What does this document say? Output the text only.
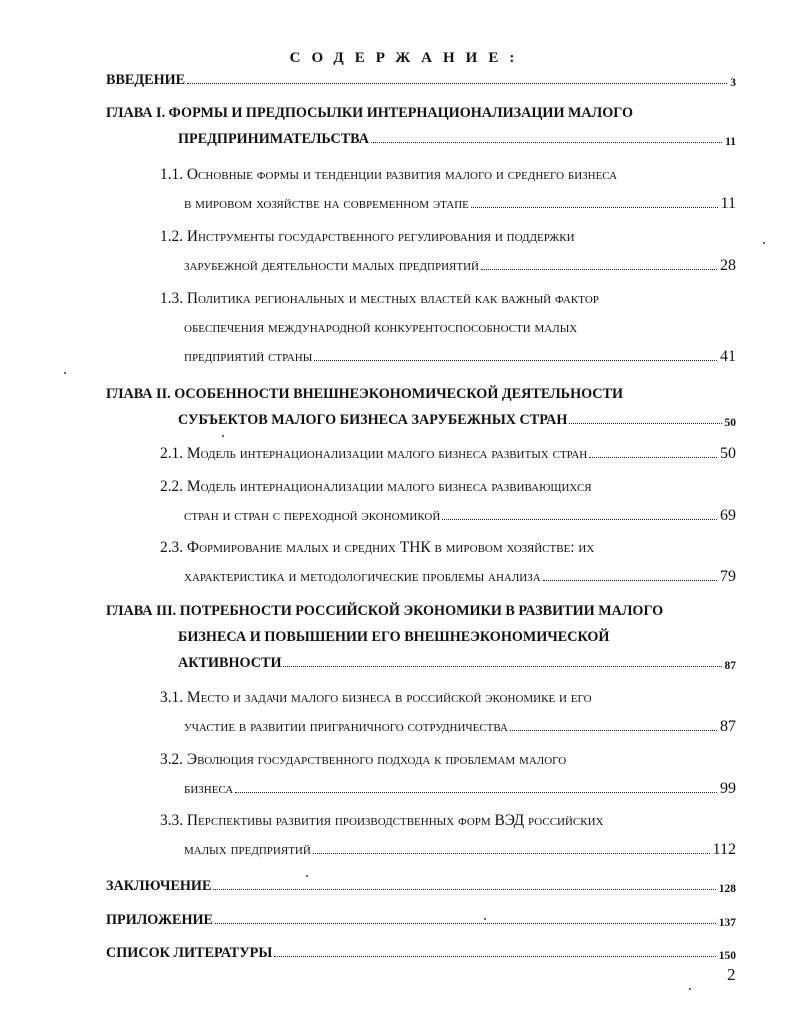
СОДЕРЖАНИЕ:
ВВЕДЕНИЕ	3
ГЛАВА I. ФОРМЫ И ПРЕДПОСЫЛКИ ИНТЕРНАЦИОНАЛИЗАЦИИ МАЛОГО
ПРЕДПРИНИМАТЕЛЬСТВА	11
1.1. Основные формы и тенденции развития малого и среднего бизнеса
в мировом хозяйстве на современном этапе	11
1.2. Инструменты государственного регулирования и поддержки
зарубежной деятельности малых предприятий	28
1.3. Политика региональных и местных властей как важный фактор
обеспечения международной конкурентоспособности малых
предприятий страны	41
ГЛАВА II. ОСОБЕННОСТИ ВНЕШНЕЭКОНОМИЧЕСКОЙ ДЕЯТЕЛЬНОСТИ
СУБЪЕКТОВ МАЛОГО БИЗНЕСА ЗАРУБЕЖНЫХ СТРАН	50
2.1. Модель интернационализации малого бизнеса развитых стран	50
2.2. Модель интернационализации малого бизнеса развивающихся
стран и стран с переходной экономикой	69
2.3. Формирование малых и средних ТНК в мировом хозяйстве: их
характеристика и методологические проблемы анализа	79
ГЛАВА III. ПОТРЕБНОСТИ РОССИЙСКОЙ ЭКОНОМИКИ В РАЗВИТИИ МАЛОГО
БИЗНЕСА И ПОВЫШЕНИИ ЕГО ВНЕШНЕЭКОНОМИЧЕСКОЙ
АКТИВНОСТИ	87
3.1. Место и задачи малого бизнеса в российской экономике и его
участие в развитии приграничного сотрудничества	87
3.2. Эволюция государственного подхода к проблемам малого
бизнеса	99
3.3. Перспективы развития производственных форм ВЭД российских
малых предприятий	112
ЗАКЛЮЧЕНИЕ	128
ПРИЛОЖЕНИЕ	137
СПИСОК ЛИТЕРАТУРЫ	150
2
